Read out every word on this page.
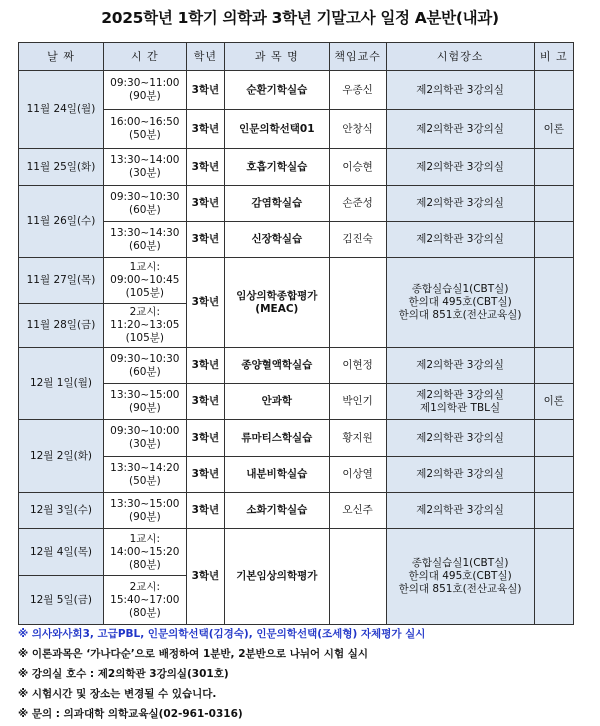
2025학년 1학기 의학과 3학년 기말고사 일정 A분반(내과)
날 짜	시 간	학년	과 목 명	책임교수	시험장소	비 고
11월 24일(월)	09:30~11:00
(90분)	3학년	순환기학실습	우종신	제2의학관 3강의실	
	16:00~16:50
(50분)	3학년	인문의학선택01	안창식	제2의학관 3강의실	이론
11월 25일(화)	13:30~14:00
(30분)	3학년	호흡기학실습	이승현	제2의학관 3강의실	
11월 26일(수)	09:30~10:30
(60분)	3학년	감염학실습	손준성	제2의학관 3강의실	
	13:30~14:30
(60분)	3학년	신장학실습	김진숙	제2의학관 3강의실	
11월 27일(목)	1교시:
09:00~10:45
(105분)	3학년	임상의학종합평가
(MEAC)		종합실습실1(CBT실)
한의대 495호(CBT실)
한의대 851호(전산교육실)	
11월 28일(금)	2교시:
11:20~13:05
(105분)					
12월 1일(월)	09:30~10:30
(60분)	3학년	종양혈액학실습	이현정	제2의학관 3강의실	
	13:30~15:00
(90분)	3학년	안과학	박인기	제2의학관 3강의실
제1의학관 TBL실	이론
12월 2일(화)	09:30~10:00
(30분)	3학년	류마티스학실습	황지원	제2의학관 3강의실	
	13:30~14:20
(50분)	3학년	내분비학실습	이상열	제2의학관 3강의실	
12월 3일(수)	13:30~15:00
(90분)	3학년	소화기학실습	오신주	제2의학관 3강의실	
12월 4일(목)	1교시:
14:00~15:20
(80분)	3학년	기본임상의학평가		종합실습실1(CBT실)
한의대 495호(CBT실)
한의대 851호(전산교육실)	
12월 5일(금)	2교시:
15:40~17:00
(80분)					
※ 의사와사회3, 고급PBL, 인문의학선택(김경숙), 인문의학선택(조세형) 자체평가 실시
※ 이론과목은 ‘가나다순’으로 배정하여 1분반, 2분반으로 나뉘어 시험 실시
※ 강의실 호수 : 제2의학관 3강의실(301호)
※ 시험시간 및 장소는 변경될 수 있습니다.
※ 문의 : 의과대학 의학교육실(02-961-0316)
